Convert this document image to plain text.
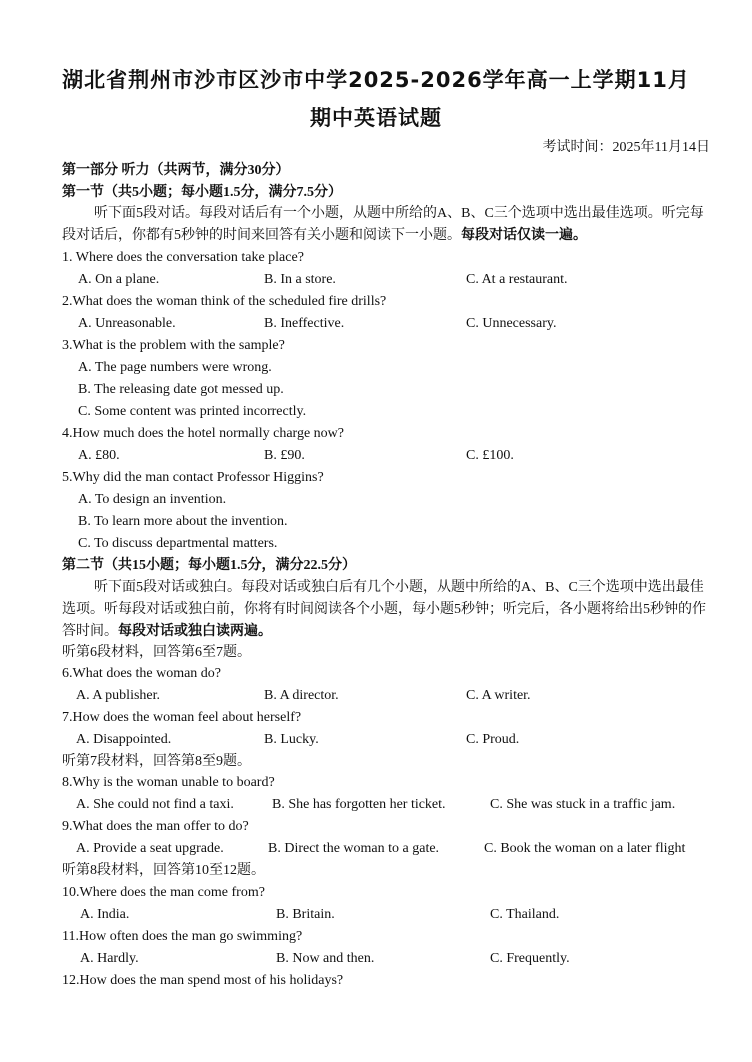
湖北省荆州市沙市区沙市中学2025-2026学年高一上学期11月
期中英语试题
考试时间：2025年11月14日
第一部分 听力（共两节，满分30分）
第一节（共5小题；每小题1.5分，满分7.5分）
听下面5段对话。每段对话后有一个小题，从题中所给的A、B、C三个选项中选出最佳选项。听完每段对话后，你都有5秒钟的时间来回答有关小题和阅读下一小题。每段对话仅读一遍。
1. Where does the conversation take place?
A. On a plane.	B. In a store.	C. At a restaurant.
2.What does the woman think of the scheduled fire drills?
A. Unreasonable.	B. Ineffective.	C. Unnecessary.
3.What is the problem with the sample?
A. The page numbers were wrong.
B. The releasing date got messed up.
C. Some content was printed incorrectly.
4.How much does the hotel normally charge now?
A. £80.	B. £90.	C. £100.
5.Why did the man contact Professor Higgins?
A. To design an invention.
B. To learn more about the invention.
C. To discuss departmental matters.
第二节（共15小题；每小题1.5分，满分22.5分）
听下面5段对话或独白。每段对话或独白后有几个小题，从题中所给的A、B、C三个选项中选出最佳选项。听每段对话或独白前，你将有时间阅读各个小题，每小题5秒钟；听完后，各小题将给出5秒钟的作答时间。每段对话或独白读两遍。
听第6段材料，回答第6至7题。
6.What does the woman do?
A. A publisher.	B. A director.	C. A writer.
7.How does the woman feel about herself?
A. Disappointed.	B. Lucky.	C. Proud.
听第7段材料，回答第8至9题。
8.Why is the woman unable to board?
A. She could not find a taxi.	B. She has forgotten her ticket.	C. She was stuck in a traffic jam.
9.What does the man offer to do?
A. Provide a seat upgrade.	B. Direct the woman to a gate.	C. Book the woman on a later flight
听第8段材料，回答第10至12题。
10.Where does the man come from?
A. India.	B. Britain.	C. Thailand.
11.How often does the man go swimming?
A. Hardly.	B. Now and then.	C. Frequently.
12.How does the man spend most of his holidays?
